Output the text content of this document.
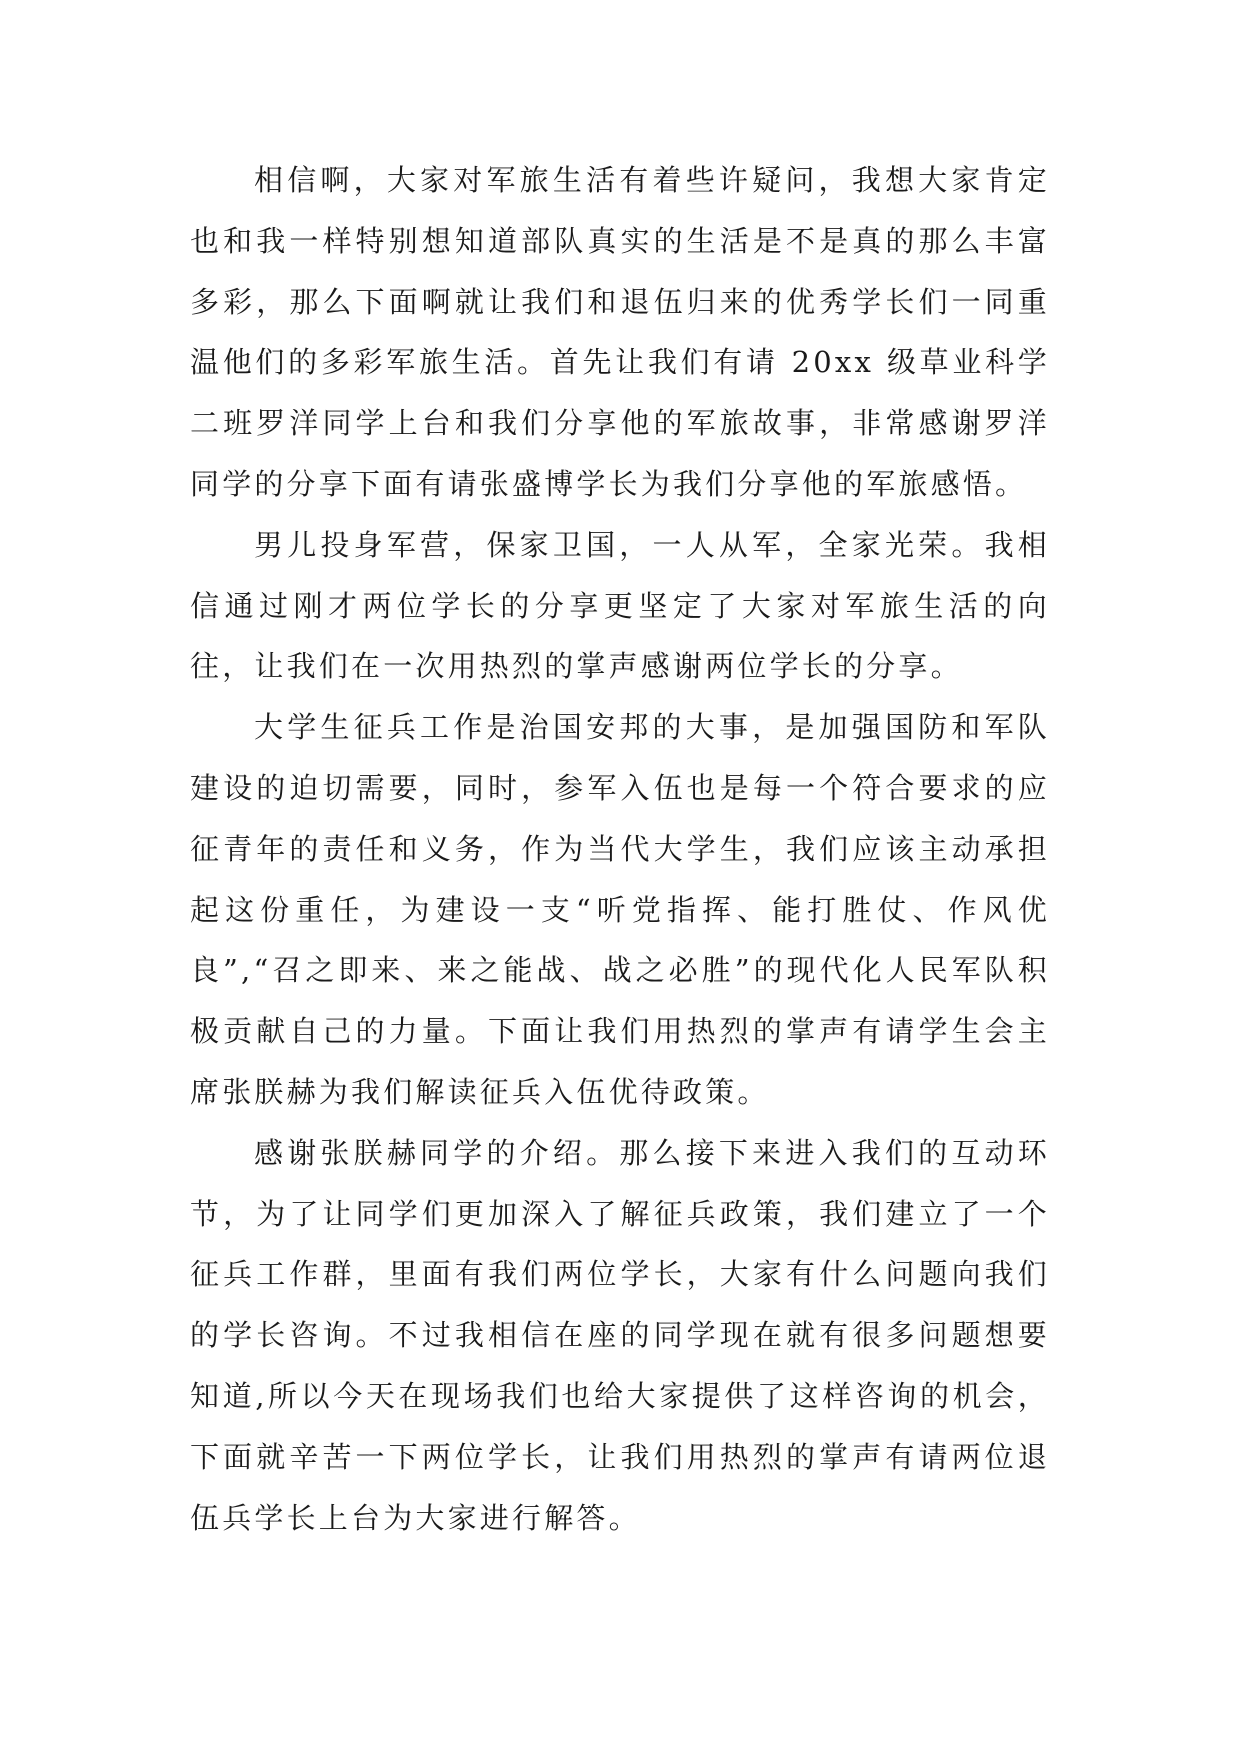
相信啊，大家对军旅生活有着些许疑问，我想大家肯定也和我一样特别想知道部队真实的生活是不是真的那么丰富多彩，那么下面啊就让我们和退伍归来的优秀学长们一同重温他们的多彩军旅生活。首先让我们有请 20xx 级草业科学二班罗洋同学上台和我们分享他的军旅故事，非常感谢罗洋同学的分享下面有请张盛博学长为我们分享他的军旅感悟。

男儿投身军营，保家卫国，一人从军，全家光荣。我相信通过刚才两位学长的分享更坚定了大家对军旅生活的向往，让我们在一次用热烈的掌声感谢两位学长的分享。

大学生征兵工作是治国安邦的大事，是加强国防和军队建设的迫切需要，同时，参军入伍也是每一个符合要求的应征青年的责任和义务，作为当代大学生，我们应该主动承担起这份重任，为建设一支“听党指挥、能打胜仗、作风优良”,“召之即来、来之能战、战之必胜”的现代化人民军队积极贡献自己的力量。下面让我们用热烈的掌声有请学生会主席张朕赫为我们解读征兵入伍优待政策。

感谢张朕赫同学的介绍。那么接下来进入我们的互动环节，为了让同学们更加深入了解征兵政策，我们建立了一个征兵工作群，里面有我们两位学长，大家有什么问题向我们的学长咨询。不过我相信在座的同学现在就有很多问题想要知道,所以今天在现场我们也给大家提供了这样咨询的机会，下面就辛苦一下两位学长，让我们用热烈的掌声有请两位退伍兵学长上台为大家进行解答。
